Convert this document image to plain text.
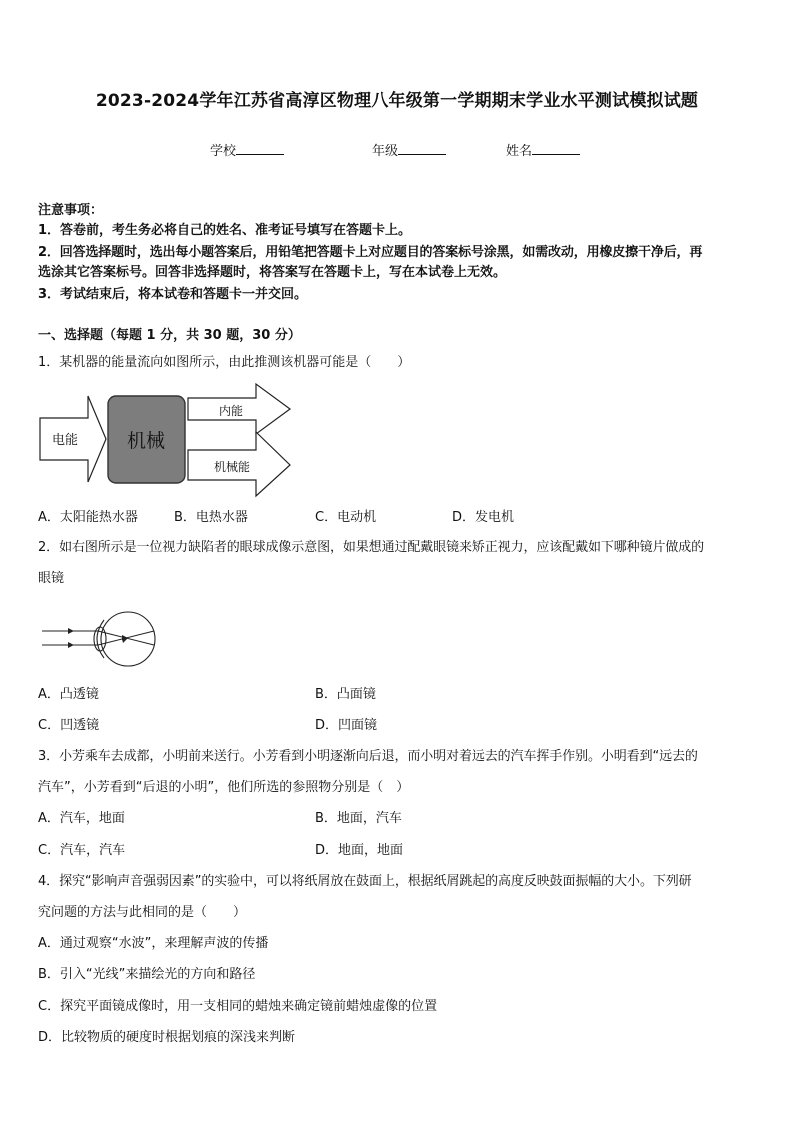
2023-2024学年江苏省高淳区物理八年级第一学期期末学业水平测试模拟试题
学校	年级	姓名
注意事项：
1．答卷前，考生务必将自己的姓名、准考证号填写在答题卡上。
2．回答选择题时，选出每小题答案后，用铅笔把答题卡上对应题目的答案标号涂黑，如需改动，用橡皮擦干净后，再
选涂其它答案标号。回答非选择题时，将答案写在答题卡上，写在本试卷上无效。
3．考试结束后，将本试卷和答题卡一并交回。
一、选择题（每题 1 分，共 30 题，30 分）
1．某机器的能量流向如图所示，由此推测该机器可能是（　　）
电能	机械
内能
机械能
A．太阳能热水器	B．电热水器	C．电动机	D．发电机
2．如右图所示是一位视力缺陷者的眼球成像示意图，如果想通过配戴眼镜来矫正视力，应该配戴如下哪种镜片做成的
眼镜
A．凸透镜	B．凸面镜
C．凹透镜	D．凹面镜
3．小芳乘车去成都，小明前来送行。小芳看到小明逐渐向后退，而小明对着远去的汽车挥手作别。小明看到“远去的
汽车”，小芳看到“后退的小明”，他们所选的参照物分别是（　）
A．汽车，地面	B．地面，汽车
C．汽车，汽车	D．地面，地面
4．探究“影响声音强弱因素”的实验中，可以将纸屑放在鼓面上，根据纸屑跳起的高度反映鼓面振幅的大小。下列研
究问题的方法与此相同的是（　　）
A．通过观察“水波”，来理解声波的传播
B．引入“光线”来描绘光的方向和路径
C．探究平面镜成像时，用一支相同的蜡烛来确定镜前蜡烛虚像的位置
D．比较物质的硬度时根据划痕的深浅来判断
